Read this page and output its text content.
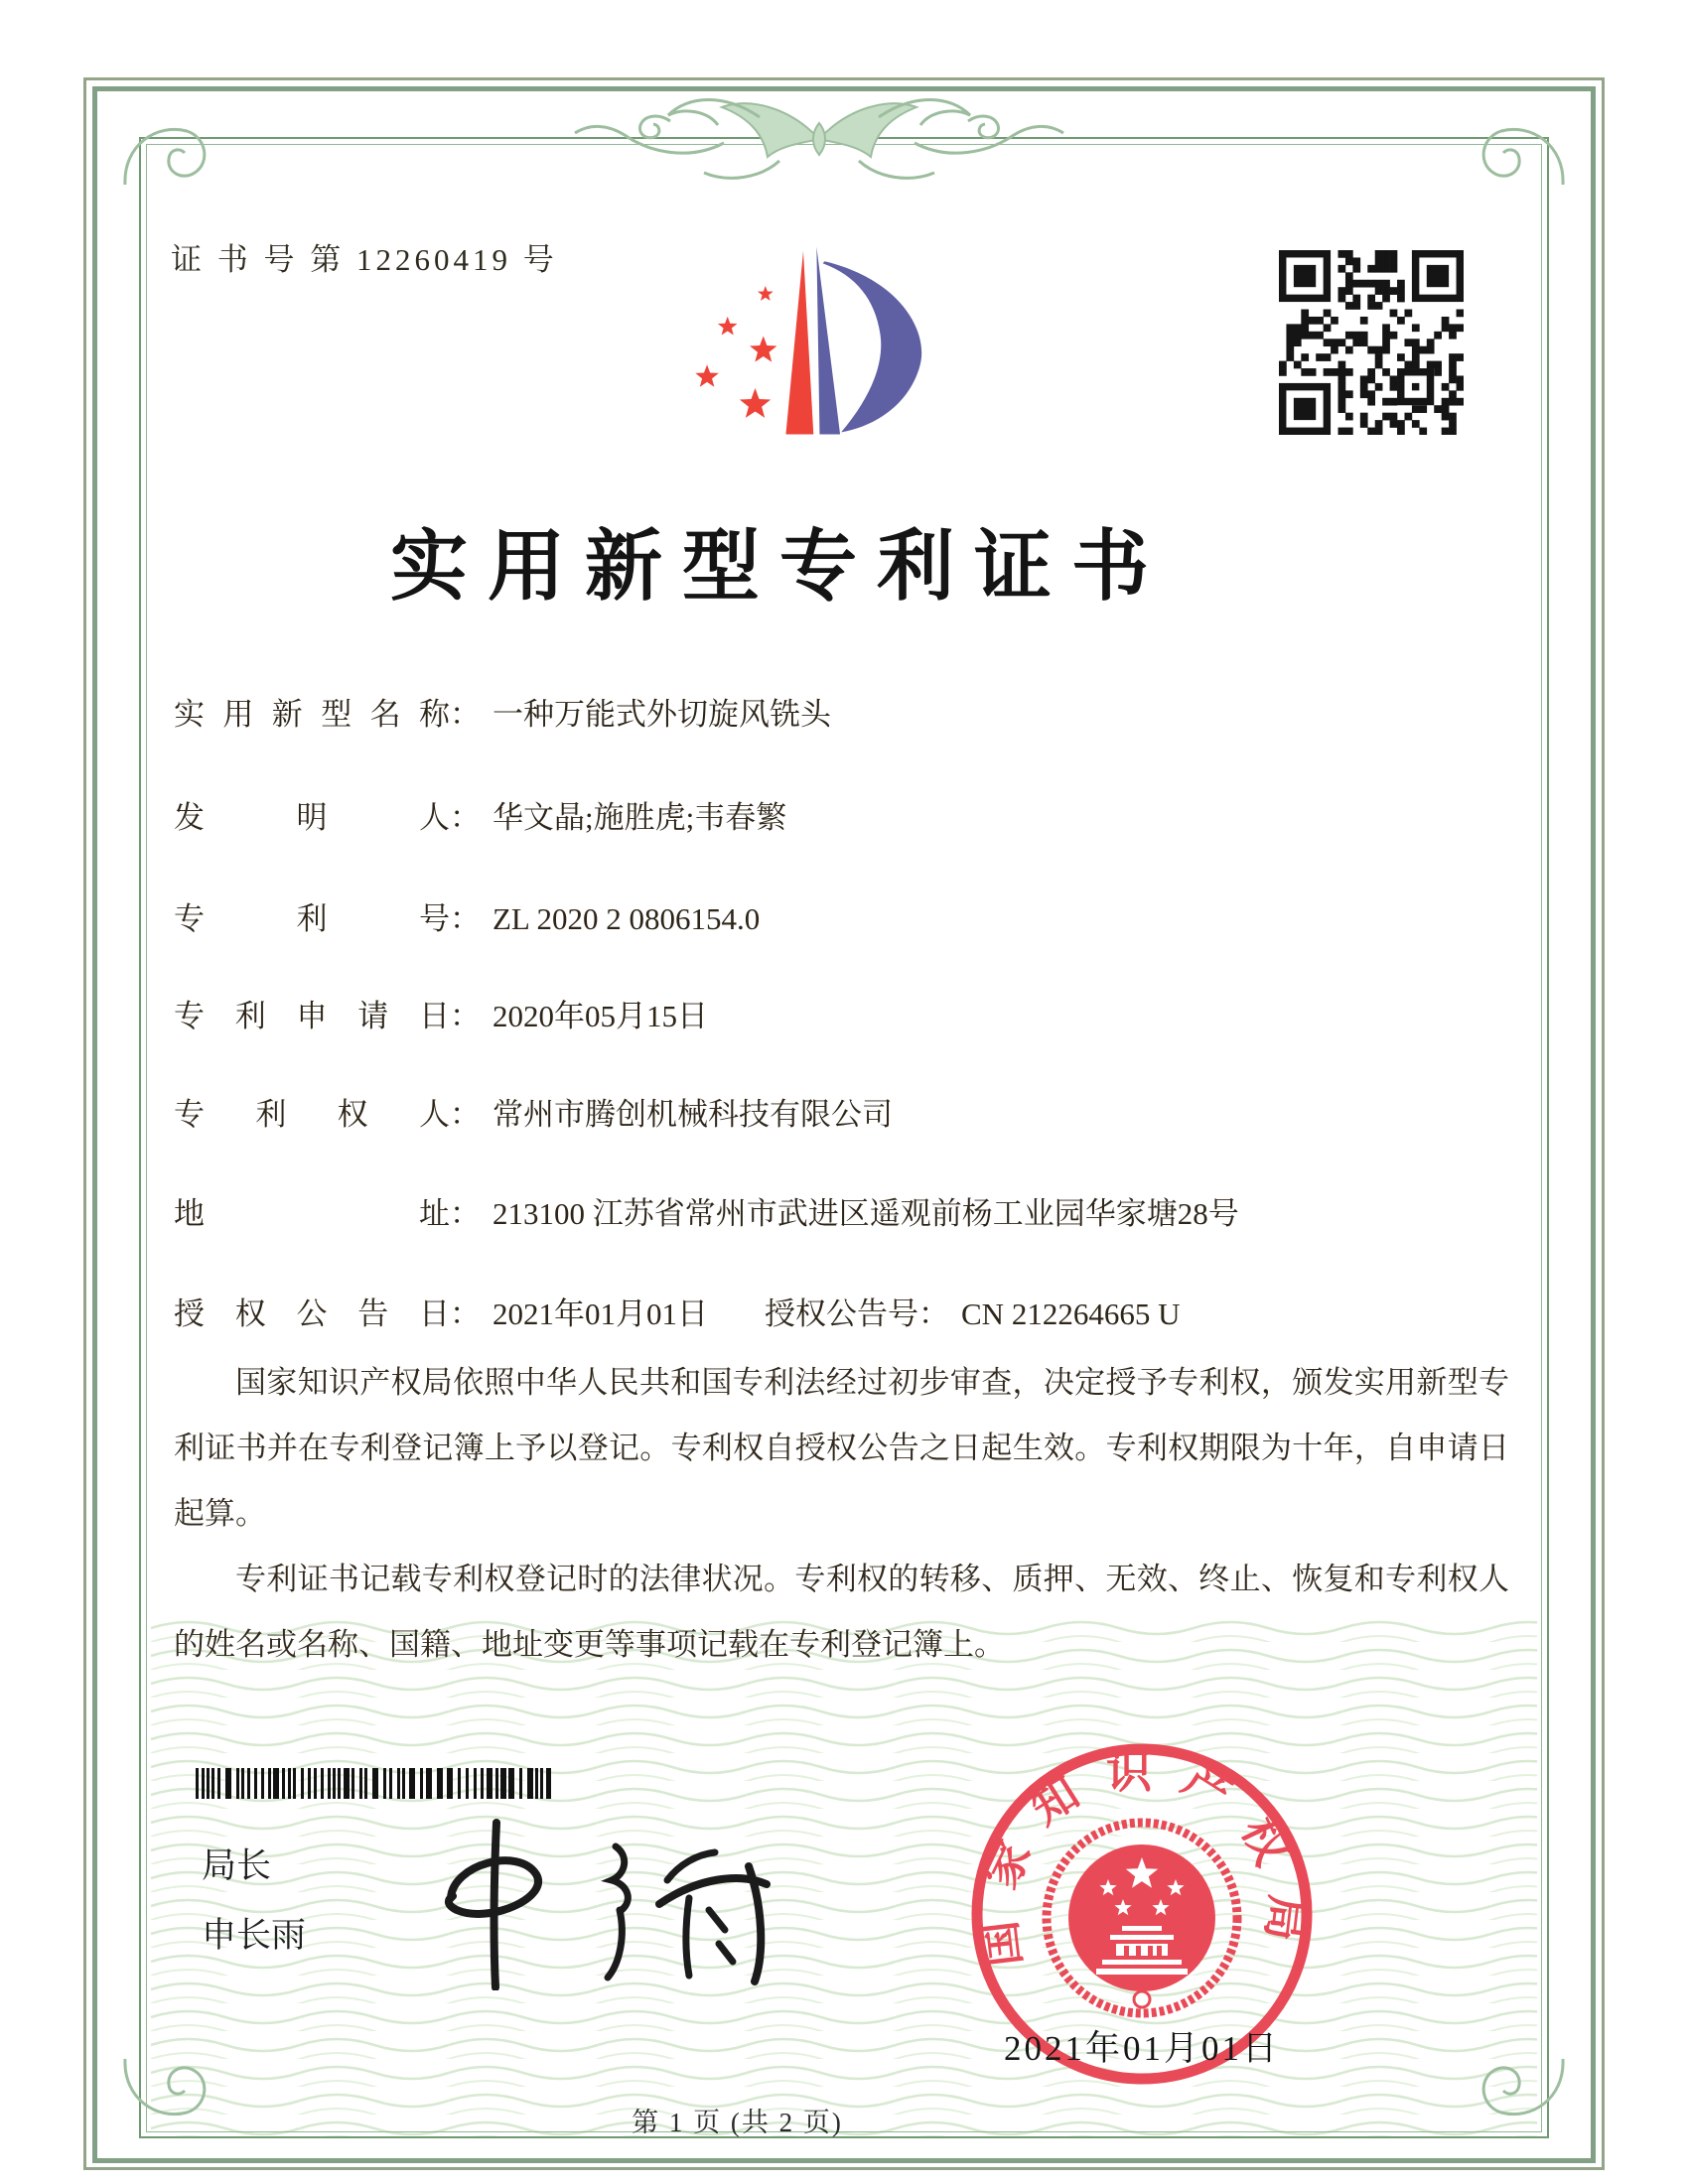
证 书 号 第 12260419 号
实用新型专利证书
实用新型名称： 一种万能式外切旋风铣头
发明人： 华文晶;施胜虎;韦春繁
专利号： ZL 2020 2 0806154.0
专利申请日： 2020年05月15日
专利权人： 常州市腾创机械科技有限公司
地址： 213100 江苏省常州市武进区遥观前杨工业园华家塘28号
授权公告日： 2021年01月01日 授权公告号： CN 212264665 U

国家知识产权局依照中华人民共和国专利法经过初步审查，决定授予专利权，颁发实用新型专利证书并在专利登记簿上予以登记。专利权自授权公告之日起生效。专利权期限为十年，自申请日起算。

专利证书记载专利权登记时的法律状况。专利权的转移、质押、无效、终止、恢复和专利权人的姓名或名称、国籍、地址变更等事项记载在专利登记簿上。

局长
申长雨	国家知识产权局
2021年01月01日
第 1 页 (共 2 页)
